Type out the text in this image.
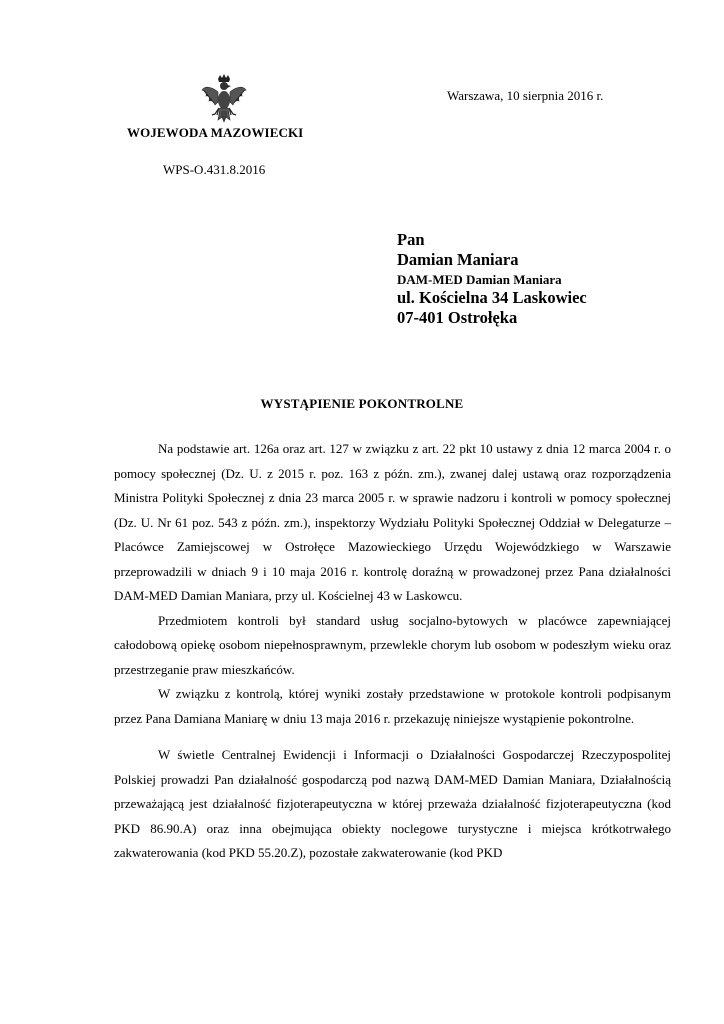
WOJEWODA MAZOWIECKI
WPS-O.431.8.2016
Warszawa, 10 sierpnia 2016 r.
Pan
Damian Maniara
DAM-MED Damian Maniara
ul. Kościelna 34 Laskowiec
07-401 Ostrołęka
WYSTĄPIENIE POKONTROLNE

Na podstawie art. 126a oraz art. 127 w związku z art. 22 pkt 10 ustawy z dnia 12 marca 2004 r. o pomocy społecznej (Dz. U. z 2015 r. poz. 163 z późn. zm.), zwanej dalej ustawą oraz rozporządzenia Ministra Polityki Społecznej z dnia 23 marca 2005 r. w sprawie nadzoru i kontroli w pomocy społecznej (Dz. U. Nr 61 poz. 543 z późn. zm.), inspektorzy Wydziału Polityki Społecznej Oddział w Delegaturze – Placówce Zamiejscowej w Ostrołęce Mazowieckiego Urzędu Wojewódzkiego w Warszawie przeprowadzili w dniach 9 i 10 maja 2016 r. kontrolę doraźną w prowadzonej przez Pana działalności DAM-MED Damian Maniara, przy ul. Kościelnej 43 w Laskowcu.

Przedmiotem kontroli był standard usług socjalno-bytowych w placówce zapewniającej całodobową opiekę osobom niepełnosprawnym, przewlekle chorym lub osobom w podeszłym wieku oraz przestrzeganie praw mieszkańców.

W związku z kontrolą, której wyniki zostały przedstawione w protokole kontroli podpisanym przez Pana Damiana Maniarę w dniu 13 maja 2016 r. przekazuję niniejsze wystąpienie pokontrolne.

W świetle Centralnej Ewidencji i Informacji o Działalności Gospodarczej Rzeczypospolitej Polskiej prowadzi Pan działalność gospodarczą pod nazwą DAM-MED Damian Maniara, Działalnością przeważającą jest działalność fizjoterapeutyczna w której przeważa działalność fizjoterapeutyczna (kod PKD 86.90.A) oraz inna obejmująca obiekty noclegowe turystyczne i miejsca krótkotrwałego zakwaterowania (kod PKD 55.20.Z), pozostałe zakwaterowanie (kod PKD
